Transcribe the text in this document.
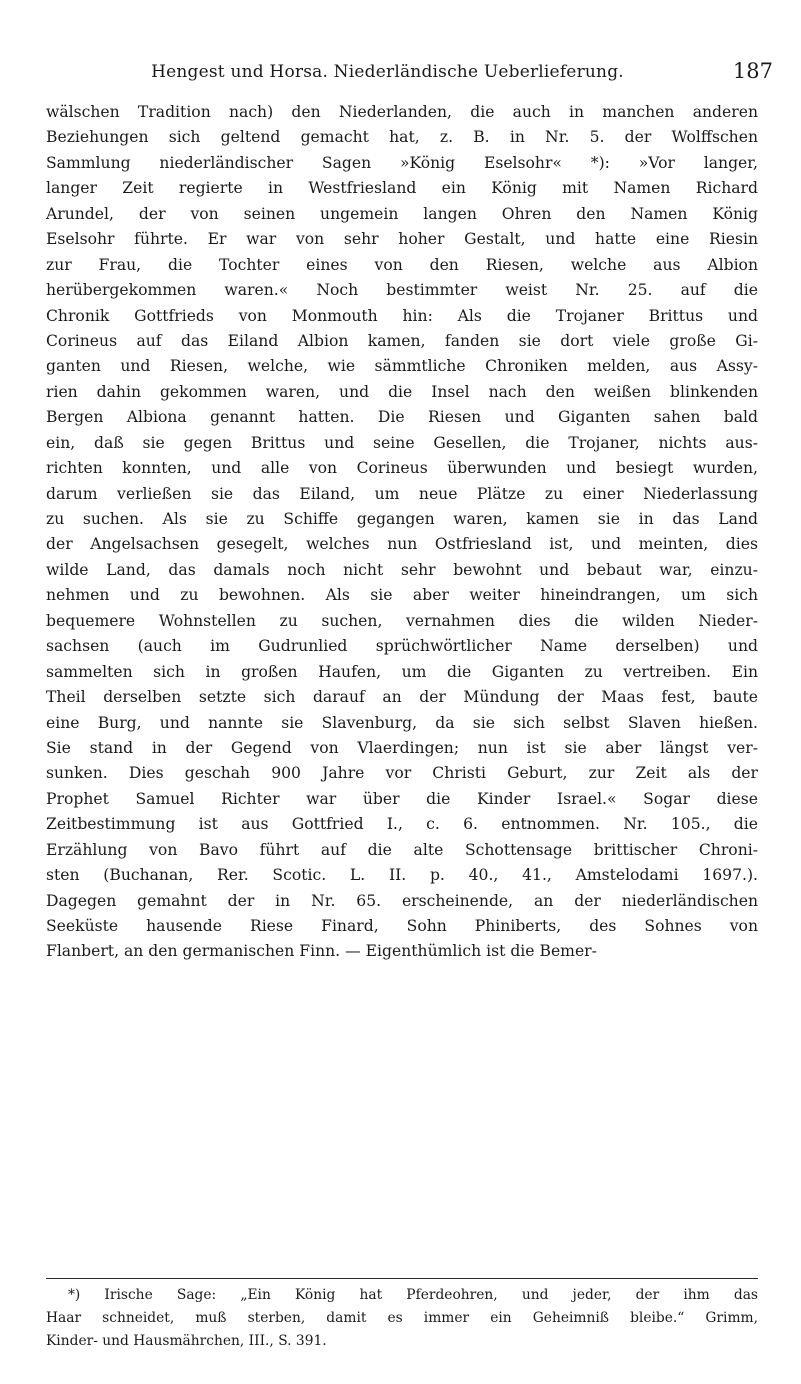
Hengest und Horsa. Niederländische Ueberlieferung.	187
wälschen Tradition nach) den Niederlanden, die auch in manchen anderen
Beziehungen sich geltend gemacht hat, z. B. in Nr. 5. der Wolffschen
Sammlung niederländischer Sagen »König Eselsohr« *): »Vor langer,
langer Zeit regierte in Westfriesland ein König mit Namen Richard
Arundel, der von seinen ungemein langen Ohren den Namen König
Eselsohr führte. Er war von sehr hoher Gestalt, und hatte eine Riesin
zur Frau, die Tochter eines von den Riesen, welche aus Albion
herübergekommen waren.« Noch bestimmter weist Nr. 25. auf die
Chronik Gottfrieds von Monmouth hin: Als die Trojaner Brittus und
Corineus auf das Eiland Albion kamen, fanden sie dort viele große Gi-
ganten und Riesen, welche, wie sämmtliche Chroniken melden, aus Assy-
rien dahin gekommen waren, und die Insel nach den weißen blinkenden
Bergen Albiona genannt hatten. Die Riesen und Giganten sahen bald
ein, daß sie gegen Brittus und seine Gesellen, die Trojaner, nichts aus-
richten konnten, und alle von Corineus überwunden und besiegt wurden,
darum verließen sie das Eiland, um neue Plätze zu einer Niederlassung
zu suchen. Als sie zu Schiffe gegangen waren, kamen sie in das Land
der Angelsachsen gesegelt, welches nun Ostfriesland ist, und meinten, dies
wilde Land, das damals noch nicht sehr bewohnt und bebaut war, einzu-
nehmen und zu bewohnen. Als sie aber weiter hineindrangen, um sich
bequemere Wohnstellen zu suchen, vernahmen dies die wilden Nieder-
sachsen (auch im Gudrunlied sprüchwörtlicher Name derselben) und
sammelten sich in großen Haufen, um die Giganten zu vertreiben. Ein
Theil derselben setzte sich darauf an der Mündung der Maas fest, baute
eine Burg, und nannte sie Slavenburg, da sie sich selbst Slaven hießen.
Sie stand in der Gegend von Vlaerdingen; nun ist sie aber längst ver-
sunken. Dies geschah 900 Jahre vor Christi Geburt, zur Zeit als der
Prophet Samuel Richter war über die Kinder Israel.« Sogar diese
Zeitbestimmung ist aus Gottfried I., c. 6. entnommen. Nr. 105., die
Erzählung von Bavo führt auf die alte Schottensage brittischer Chroni-
sten (Buchanan, Rer. Scotic. L. II. p. 40., 41., Amstelodami 1697.).
Dagegen gemahnt der in Nr. 65. erscheinende, an der niederländischen
Seeküste hausende Riese Finard, Sohn Phiniberts, des Sohnes von
Flanbert, an den germanischen Finn. — Eigenthümlich ist die Bemer-
*) Irische Sage: „Ein König hat Pferdeohren, und jeder, der ihm das
Haar schneidet, muß sterben, damit es immer ein Geheimniß bleibe.“ Grimm,
Kinder- und Hausmährchen, III., S. 391.
